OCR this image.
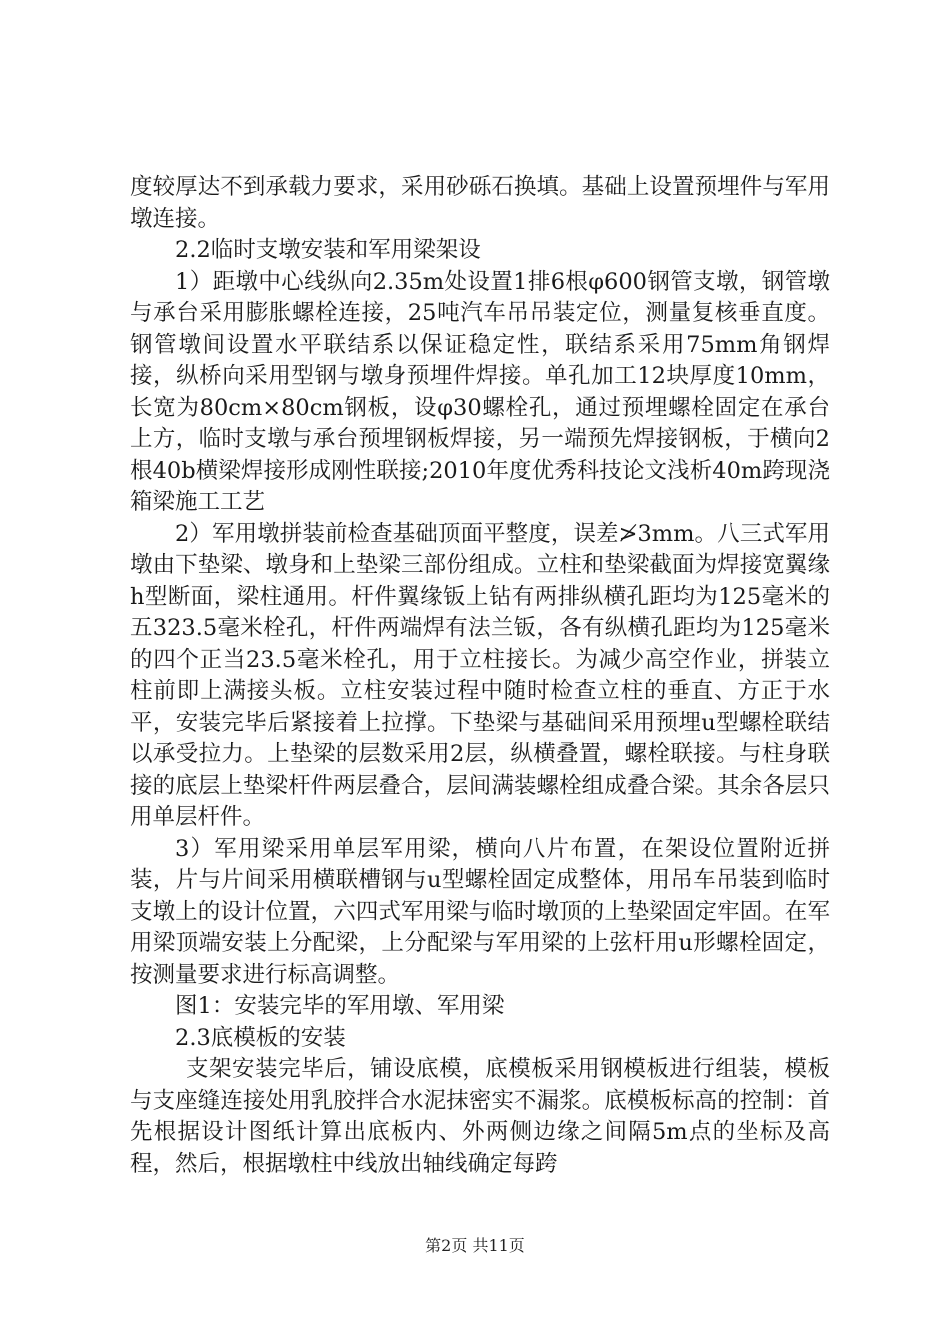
度较厚达不到承载力要求，采用砂砾石换填。基础上设置预埋件与军用墩连接。

2.2临时支墩安装和军用梁架设

1）距墩中心线纵向2.35m处设置1排6根φ600钢管支墩，钢管墩与承台采用膨胀螺栓连接，25吨汽车吊吊装定位，测量复核垂直度。钢管墩间设置水平联结系以保证稳定性，联结系采用75mm角钢焊接，纵桥向采用型钢与墩身预埋件焊接。单孔加工12块厚度10mm，长宽为80cm×80cm钢板，设φ30螺栓孔，通过预埋螺栓固定在承台上方，临时支墩与承台预埋钢板焊接，另一端预先焊接钢板，于横向2根40b横梁焊接形成刚性联接;2010年度优秀科技论文浅析40m跨现浇箱梁施工工艺

2）军用墩拼装前检查基础顶面平整度，误差≯3mm。八三式军用墩由下垫梁、墩身和上垫梁三部份组成。立柱和垫梁截面为焊接宽翼缘h型断面，梁柱通用。杆件翼缘钣上钻有两排纵横孔距均为125毫米的五323.5毫米栓孔，杆件两端焊有法兰钣，各有纵横孔距均为125毫米的四个正当23.5毫米栓孔，用于立柱接长。为减少高空作业，拼装立柱前即上满接头板。立柱安装过程中随时检查立柱的垂直、方正于水平，安装完毕后紧接着上拉撑。下垫梁与基础间采用预埋u型螺栓联结以承受拉力。上垫梁的层数采用2层，纵横叠置，螺栓联接。与柱身联接的底层上垫梁杆件两层叠合，层间满装螺栓组成叠合梁。其余各层只用单层杆件。

3）军用梁采用单层军用梁，横向八片布置，在架设位置附近拼装，片与片间采用横联槽钢与u型螺栓固定成整体，用吊车吊装到临时支墩上的设计位置，六四式军用梁与临时墩顶的上垫梁固定牢固。在军用梁顶端安装上分配梁，上分配梁与军用梁的上弦杆用u形螺栓固定，按测量要求进行标高调整。

图1：安装完毕的军用墩、军用梁

2.3底模板的安装

支架安装完毕后，铺设底模，底模板采用钢模板进行组装，模板与支座缝连接处用乳胶拌合水泥抹密实不漏浆。底模板标高的控制：首先根据设计图纸计算出底板内、外两侧边缘之间隔5m点的坐标及高程，然后，根据墩柱中线放出轴线确定每跨

第2页 共11页
